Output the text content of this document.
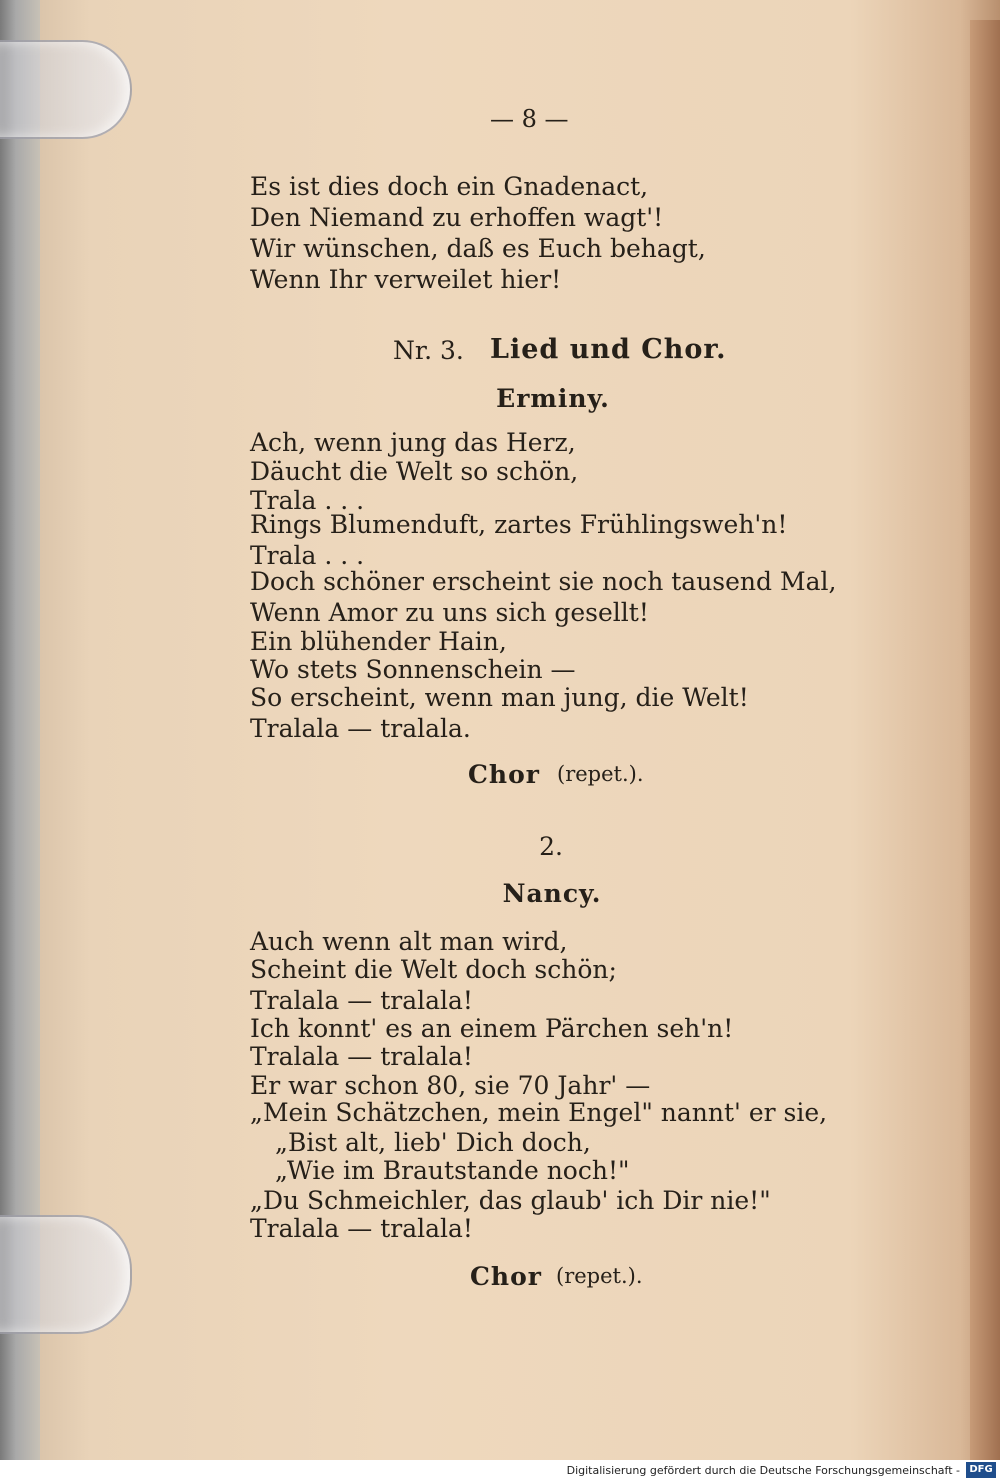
— 8 —
Es ist dies doch ein Gnadenact,
Den Niemand zu erhoffen wagt'!
Wir wünschen, daß es Euch behagt,
Wenn Ihr verweilet hier!
Nr. 3. Lied und Chor.
Erminy.
Ach, wenn jung das Herz,
Däucht die Welt so schön,
Trala . . .
Rings Blumenduft, zartes Frühlingsweh'n!
Trala . . .
Doch schöner erscheint sie noch tausend Mal,
Wenn Amor zu uns sich gesellt!
Ein blühender Hain,
Wo stets Sonnenschein —
So erscheint, wenn man jung, die Welt!
Tralala — tralala.
Chor (repet.).
2.
Nancy.
Auch wenn alt man wird,
Scheint die Welt doch schön;
Tralala — tralala!
Ich konnt' es an einem Pärchen seh'n!
Tralala — tralala!
Er war schon 80, sie 70 Jahr' —
„Mein Schätzchen, mein Engel" nannt' er sie,
„Bist alt, lieb' Dich doch,
„Wie im Brautstande noch!"
„Du Schmeichler, das glaub' ich Dir nie!"
Tralala — tralala!
Chor (repet.).
Digitalisierung gefördert durch die Deutsche Forschungsgemeinschaft - DFG
